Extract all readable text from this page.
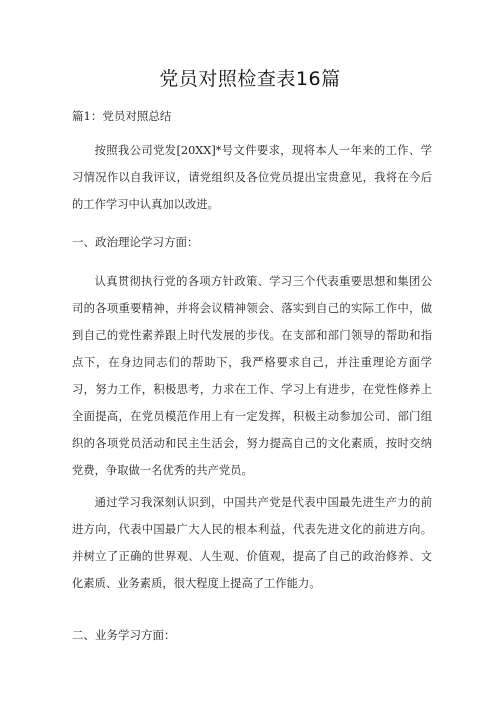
党员对照检查表16篇
篇1：党员对照总结

按照我公司党发[20XX]*号文件要求，现将本人一年来的工作、学习情况作以自我评议，请党组织及各位党员提出宝贵意见，我将在今后的工作学习中认真加以改进。

一、政治理论学习方面：

认真贯彻执行党的各项方针政策、学习三个代表重要思想和集团公司的各项重要精神，并将会议精神领会、落实到自己的实际工作中，做到自己的党性素养跟上时代发展的步伐。在支部和部门领导的帮助和指点下，在身边同志们的帮助下，我严格要求自己，并注重理论方面学习，努力工作，积极思考，力求在工作、学习上有进步，在党性修养上全面提高，在党员模范作用上有一定发挥，积极主动参加公司、部门组织的各项党员活动和民主生活会，努力提高自己的文化素质，按时交纳党费，争取做一名优秀的共产党员。

通过学习我深刻认识到，中国共产党是代表中国最先进生产力的前进方向，代表中国最广大人民的根本利益，代表先进文化的前进方向。并树立了正确的世界观、人生观、价值观，提高了自己的政治修养、文化素质、业务素质，很大程度上提高了工作能力。

二、业务学习方面：
